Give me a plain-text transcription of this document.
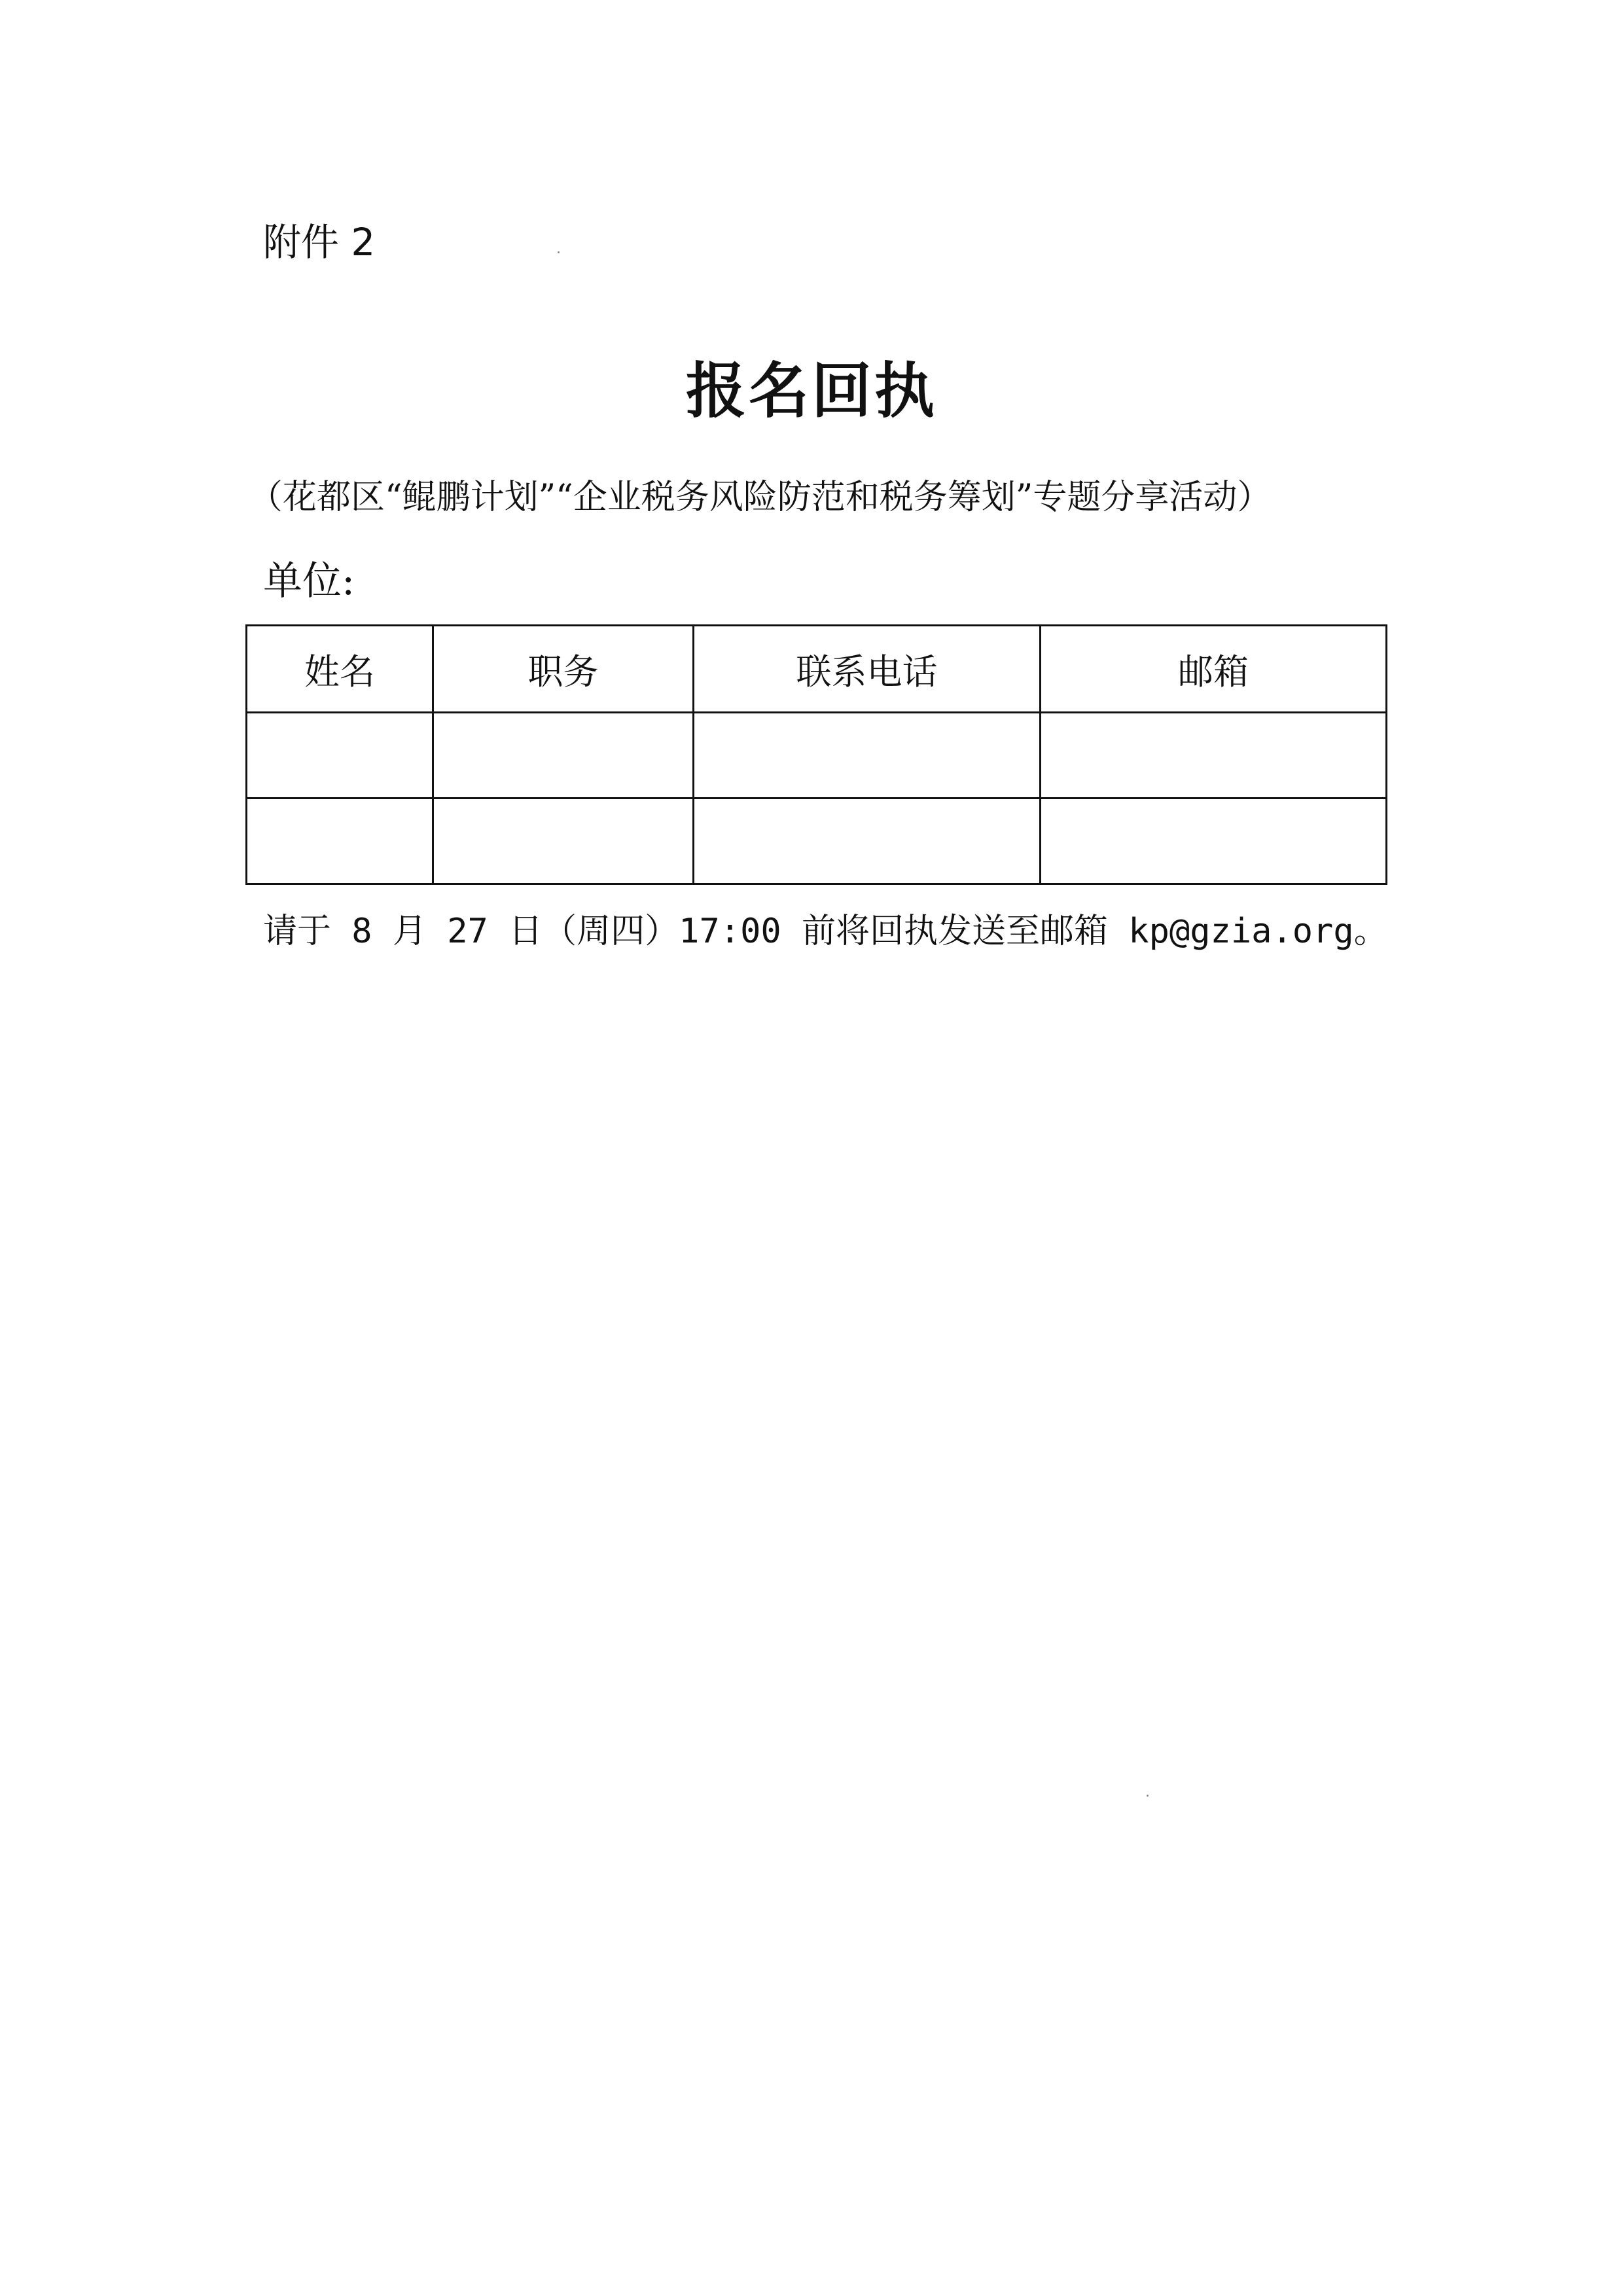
附件 2
报名回执
（花都区“鲲鹏计划”“企业税务风险防范和税务筹划”专题分享活动）
单位:
姓名	职务	联系电话	邮箱

请于 8 月 27 日（周四）17:00 前将回执发送至邮箱 kp@gzia.org。
